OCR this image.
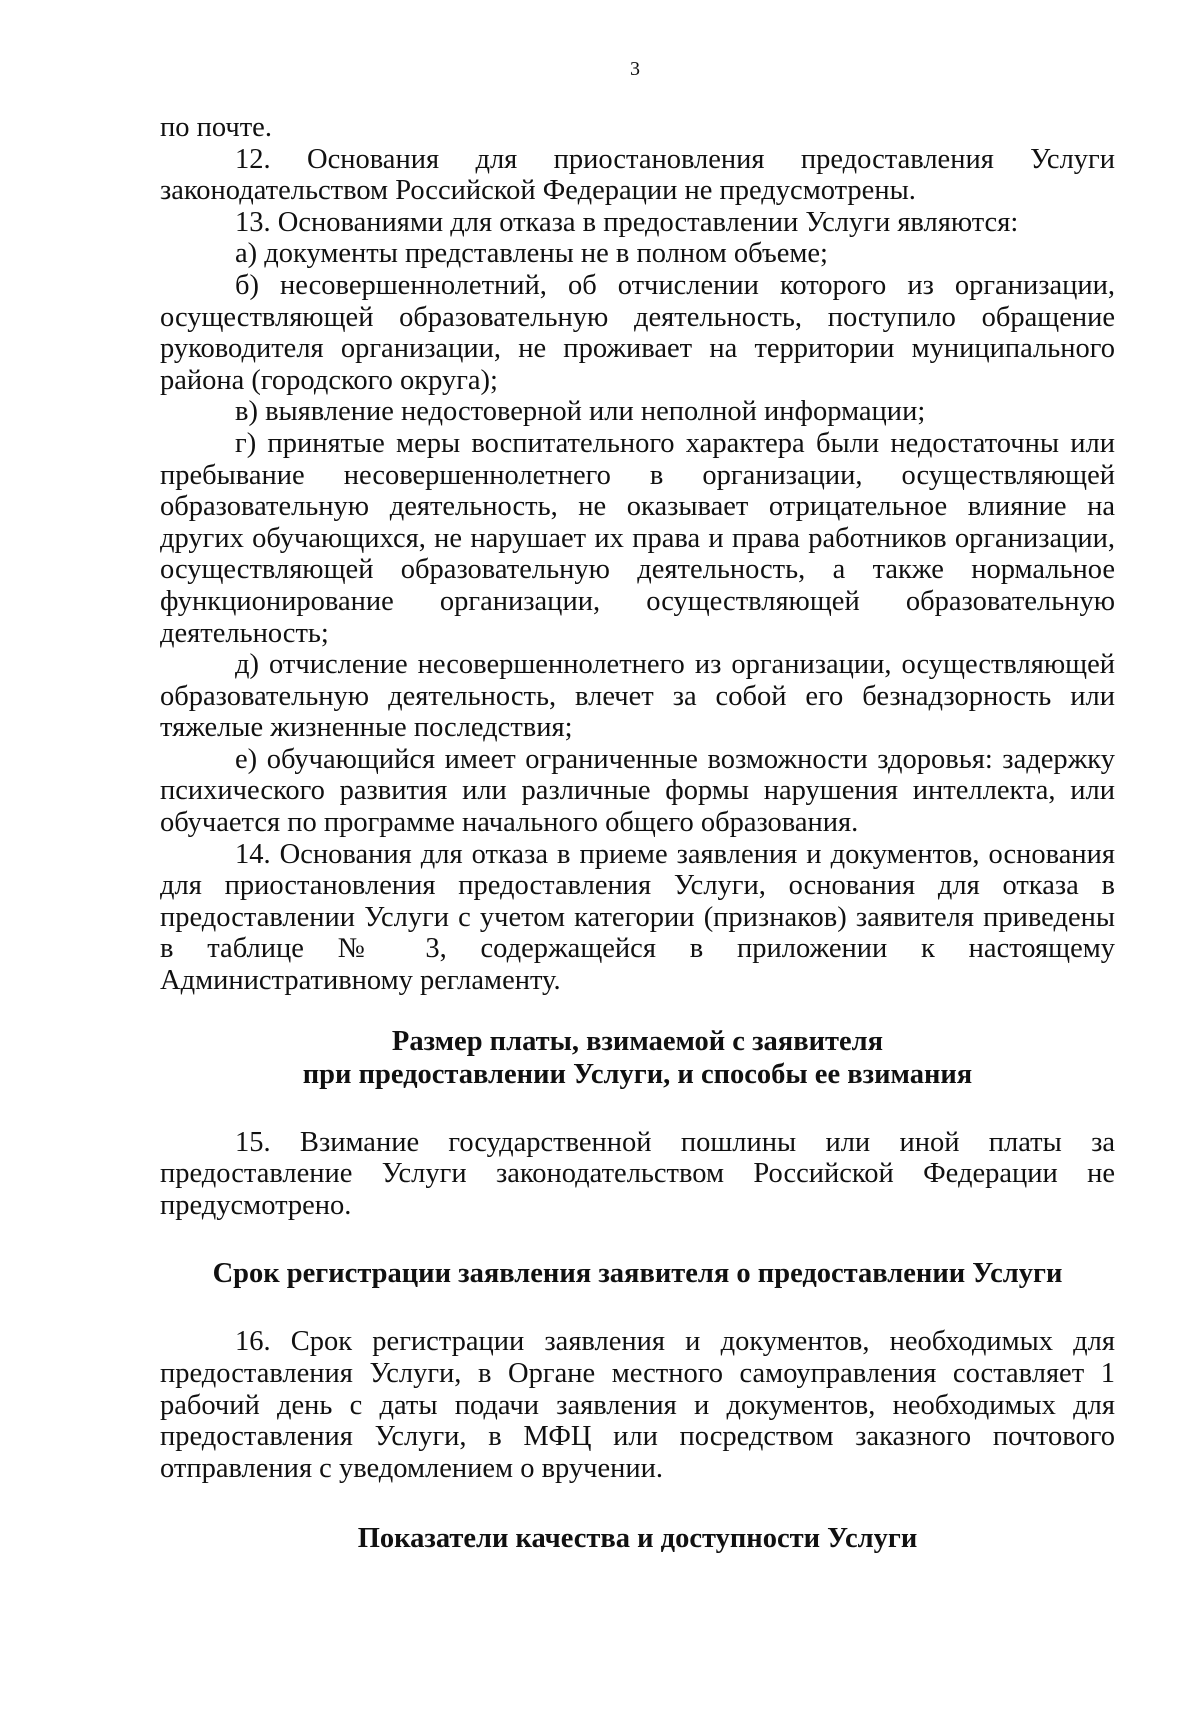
3

по почте.

12. Основания для приостановления предоставления Услуги законодательством Российской Федерации не предусмотрены.

13. Основаниями для отказа в предоставлении Услуги являются:

а) документы представлены не в полном объеме;

б) несовершеннолетний, об отчислении которого из организации, осуществляющей образовательную деятельность, поступило обращение руководителя организации, не проживает на территории муниципального района (городского округа);

в) выявление недостоверной или неполной информации;

г) принятые меры воспитательного характера были недостаточны или пребывание несовершеннолетнего в организации, осуществляющей образовательную деятельность, не оказывает отрицательное влияние на других обучающихся, не нарушает их права и права работников организации, осуществляющей образовательную деятельность, а также нормальное функционирование организации, осуществляющей образовательную деятельность;

д) отчисление несовершеннолетнего из организации, осуществляющей образовательную деятельность, влечет за собой его безнадзорность или тяжелые жизненные последствия;

е) обучающийся имеет ограниченные возможности здоровья: задержку психического развития или различные формы нарушения интеллекта, или обучается по программе начального общего образования.

14. Основания для отказа в приеме заявления и документов, основания для приостановления предоставления Услуги, основания для отказа в предоставлении Услуги с учетом категории (признаков) заявителя приведены в таблице № 3, содержащейся в приложении к настоящему Административному регламенту.

Размер платы, взимаемой с заявителя

при предоставлении Услуги, и способы ее взимания

15. Взимание государственной пошлины или иной платы за предоставление Услуги законодательством Российской Федерации не предусмотрено.

Срок регистрации заявления заявителя о предоставлении Услуги

16. Срок регистрации заявления и документов, необходимых для предоставления Услуги, в Органе местного самоуправления составляет 1 рабочий день с даты подачи заявления и документов, необходимых для предоставления Услуги, в МФЦ или посредством заказного почтового отправления с уведомлением о вручении.

Показатели качества и доступности Услуги
